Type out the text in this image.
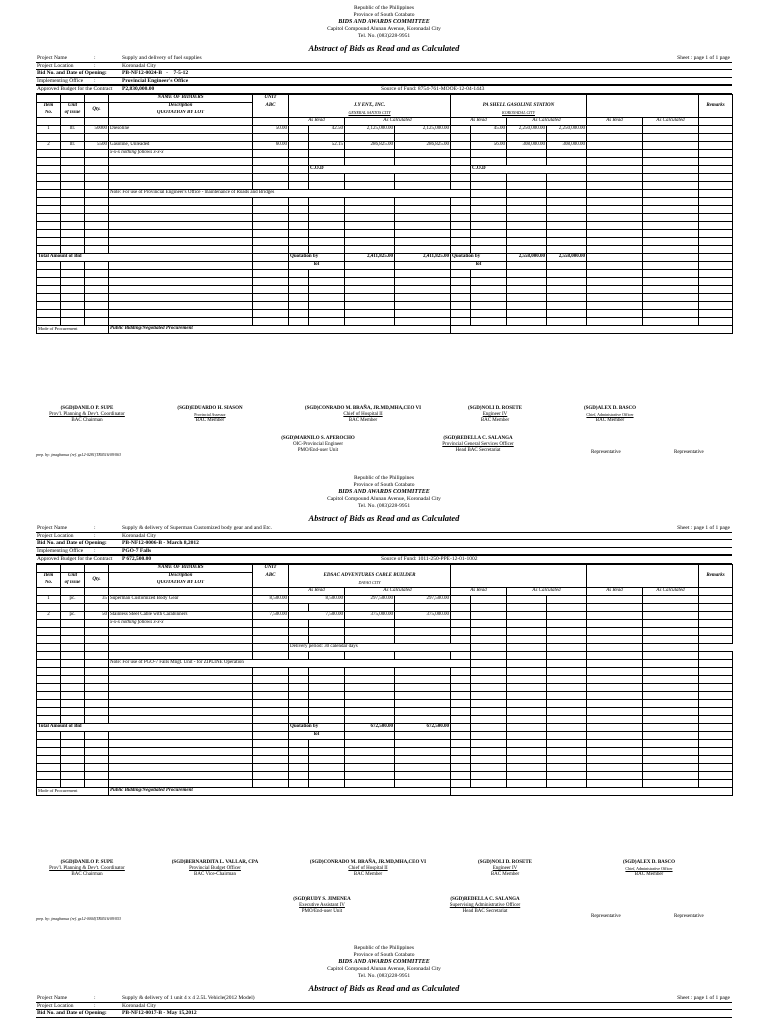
Republic of the Philippines
Province of South Cotabato
BIDS AND AWARDS COMMITTEE
Capitol Compound Alunan Avenue, Koronadal City
Tel. No. (083)228-9951
Abstract of Bids as Read and as Calculated
Project Name	:	Supply and delivery of fuel supplies	Sheet : page 1 of 1 page
Project Location	:	Koronadal City
Bid No. and Date of Opening:	PB-NF12-0024-B   -    7-5-12
Implementing Office :	Provincial Engineer's Office
Approved Budget for the Contract P2,830,000.00	Source of Fund: 8754-761-MOOE-12-04-1443
			NAME OF BIDDERS	UNIT											
Item	Unit	Qty.	Description	ABC	J.Y ENT., INC.				PA SHELL GASOLINE STATION						Remarks
No.	of issue		QUOTATION BY LOT		GENERAL SANTOS CITY				KORONADAL CITY						
					As Read		As Calculated		As Read		As Calculated		As Read	As Calculated	
1	ltr.	50000	Diesoline	50.00		42.50	2,125,000.00	2,125,000.00		45.00	2,250,000.00	2,250,000.00			

2	ltr.	5500	Gasoline, Unleaded	60.00		52.15	286,825.00	286,825.00		56.00	308,000.00	308,000.00			
			x-x-x nothing follows x-x-x												

						C.O.D				C.O.D					

			Note: For use of Provincial Engineer's Office - maintenance of Roads and Bridges												

Total Amount of Bid					Quotation by		2,411,825.00	2,411,825.00	Quotation by		2,558,000.00	2,558,000.00			
					lot				lot						

Mode of Procurement			Public Bidding/Negotiated Procurement												
(SGD)DANILO P. SUPE
Prov'l. Planning & Dev't. Coordinator
BAC Chairman
(SGD)EDUARDO H. SIASON
Provincial Assessor
BAC Member
(SGD)CONRADO M. BRAÑA, JR.MD,MHA,CEO VI
Chief of Hospital II
BAC Member
(SGD)NOLI D. ROSETE
Engineer IV
BAC Member
(SGD)ALEX D. BASCO
Chief, Administrative Officer
BAC Member
(SGD)MARNILO S. APEROCHO
OIC-Provincial Engineer
PMO/End-user Unit
(SGD)REDELLA C. SALANGA
Provincial General Services Officer
Head BAC Secretariat
prep. by: jmagbanua (ref. gs12-0281)TR0516/09/063	Representative	Representative
Republic of the Philippines
Province of South Cotabato
BIDS AND AWARDS COMMITTEE
Capitol Compound Alunan Avenue, Koronadal City
Tel. No. (083)228-9951
Abstract of Bids as Read and as Calculated
Project Name	:	Supply & delivery of Superman Customized body gear and and Etc.	Sheet : page 1 of 1 page
Project Location	:	Koronadal City
Bid No. and Date of Opening:	PB-NF12-0006-B - March 8,2012
Implementing Office :	PGO-7 Falls
Approved Budget for the Contract P 672,500.00	Source of Fund: 1011-250-PPE-12-01-1002
			NAME OF BIDDERS	UNIT											
Item	Unit	Qty.	Description	ABC	EDSAC ADVENTURES CABLE BUILDER										Remarks
No.	of issue		QUOTATION BY LOT		DAVAO CITY										
					As Read		As Calculated		As Read		As Calculated		As Read	As Calculated	
1	pc.	35	Superman Customized Body Gear	8,500.00	8,500.00		297,500.00	297,500.00							

2	pc.	50	Stainless Steel Cable with Carabinners	7,500.00	7,500.00		375,000.00	375,000.00							
			x-x-x nothing follows x-x-x												

					Delivery period: 30 calendar days										

			Note: For use of PGO-7 Falls Mngt. Unit - for ZIPLINE Operation												

Total Amount of Bid					Quotation by		672,500.00	672,500.00							
					lot										

Mode of Procurement			Public Bidding/Negotiated Procurement												
(SGD)DANILO P. SUPE
Prov'l. Planning & Dev't. Coordinator
BAC Chairman
(SGD)BERNARDITA L. VALLAR, CPA
Provincial Budget Officer
BAC Vice-Chairman
(SGD)CONRADO M. BRAÑA, JR.MD,MHA,CEO VI
Chief of Hospital II
BAC Member
(SGD)NOLI D. ROSETE
Engineer IV
BAC Member
(SGD)ALEX D. BASCO
Chief, Administrative Officer
BAC Member
(SGD)RUDY S. JIMENEA
Executive Assistant IV
PMO/End-user Unit
(SGD)REDELLA C. SALANGA
Supervising Administrative Officer
Head BAC Secretariat
prep. by: jmagbanua (ref. gs12-0004)TR0516/09/053	Representative	Representative
Republic of the Philippines
Province of South Cotabato
BIDS AND AWARDS COMMITTEE
Capitol Compound Alunan Avenue, Koronadal City
Tel. No. (083)228-9951
Abstract of Bids as Read and as Calculated
Project Name	:	Supply & delivery of 1 unit 4 x 4 2.5L Vehicle(2012 Model)	Sheet : page 1 of 1 page
Project Location	:	Koronadal City
Bid No. and Date of Opening:	PB-NF12-0017-B - May 15,2012
